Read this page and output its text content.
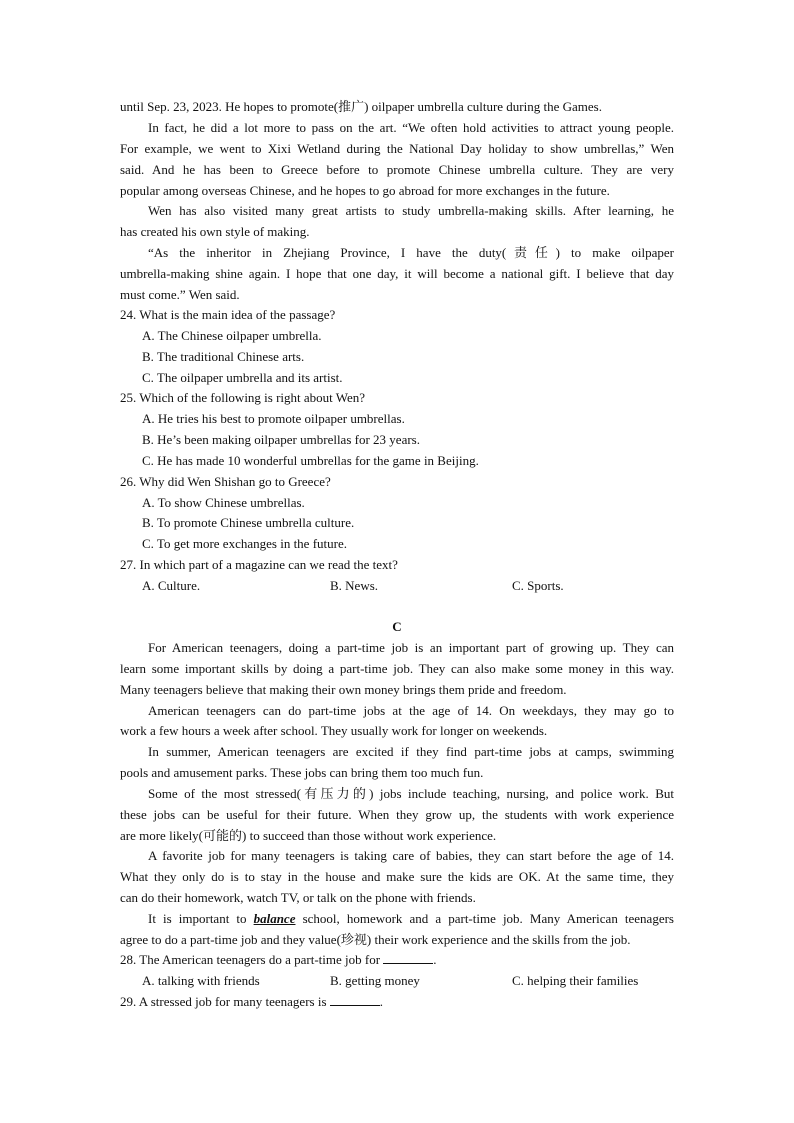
until Sep. 23, 2023. He hopes to promote(推广) oilpaper umbrella culture during the Games.
In fact, he did a lot more to pass on the art. “We often hold activities to attract young people.
For example, we went to Xixi Wetland during the National Day holiday to show umbrellas,” Wen
said. And he has been to Greece before to promote Chinese umbrella culture. They are very
popular among overseas Chinese, and he hopes to go abroad for more exchanges in the future.
Wen has also visited many great artists to study umbrella-making skills. After learning, he
has created his own style of making.
“As the inheritor in Zhejiang Province, I have the duty(责任) to make oilpaper
umbrella-making shine again. I hope that one day, it will become a national gift. I believe that day
must come.” Wen said.
24. What is the main idea of the passage?
A. The Chinese oilpaper umbrella.
B. The traditional Chinese arts.
C. The oilpaper umbrella and its artist.
25. Which of the following is right about Wen?
A. He tries his best to promote oilpaper umbrellas.
B. He’s been making oilpaper umbrellas for 23 years.
C. He has made 10 wonderful umbrellas for the game in Beijing.
26. Why did Wen Shishan go to Greece?
A. To show Chinese umbrellas.
B. To promote Chinese umbrella culture.
C. To get more exchanges in the future.
27. In which part of a magazine can we read the text?
A. Culture.	B. News.	C. Sports.
C
For American teenagers, doing a part-time job is an important part of growing up. They can
learn some important skills by doing a part-time job. They can also make some money in this way.
Many teenagers believe that making their own money brings them pride and freedom.
American teenagers can do part-time jobs at the age of 14. On weekdays, they may go to
work a few hours a week after school. They usually work for longer on weekends.
In summer, American teenagers are excited if they find part-time jobs at camps, swimming
pools and amusement parks. These jobs can bring them too much fun.
Some of the most stressed(有压力的) jobs include teaching, nursing, and police work. But
these jobs can be useful for their future. When they grow up, the students with work experience
are more likely(可能的) to succeed than those without work experience.
A favorite job for many teenagers is taking care of babies, they can start before the age of 14.
What they only do is to stay in the house and make sure the kids are OK. At the same time, they
can do their homework, watch TV, or talk on the phone with friends.
It is important to balance school, homework and a part-time job. Many American teenagers
agree to do a part-time job and they value(珍视) their work experience and the skills from the job.
28. The American teenagers do a part-time job for	.
A. talking with friends	B. getting money	C. helping their families
29. A stressed job for many teenagers is	.
